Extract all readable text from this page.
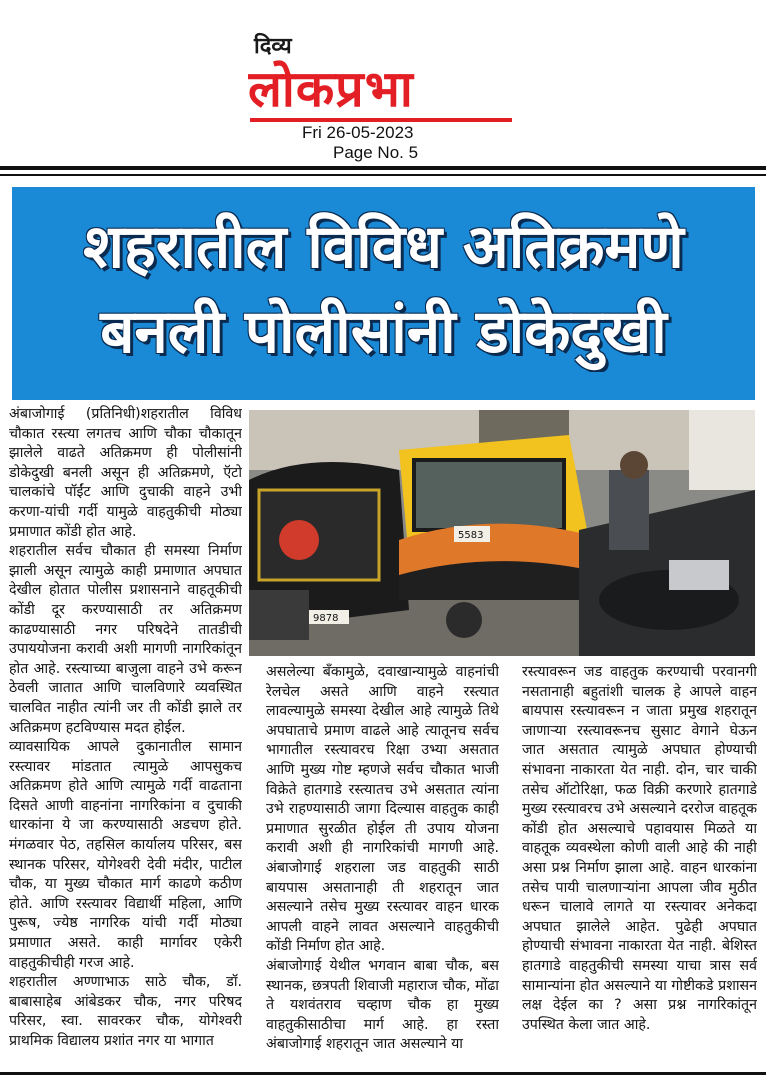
दिव्य
लोकप्रभा
Fri 26-05-2023
Page No. 5
शहरातील विविध अतिक्रमणे
बनली पोलीसांनी डोकेदुखी

अंबाजोगाई (प्रतिनिधी)शहरातील विविध चौकात रस्त्या लगतच आणि चौका चौकातून झालेले वाढते अतिक्रमण ही पोलीसांनी डोकेदुखी बनली असून ही अतिक्रमणे, ऍटो चालकांचे पॉईंट आणि दुचाकी वाहने उभी करणा-यांची गर्दी यामुळे वाहतुकीची मोठ्या प्रमाणात कोंडी होत आहे.

शहरातील सर्वच चौकात ही समस्या निर्माण झाली असून त्यामुळे काही प्रमाणात अपघात देखील होतात पोलीस प्रशासनाने वाहतूकीची कोंडी दूर करण्यासाठी तर अतिक्रमण काढण्यासाठी नगर परिषदेने तातडीची उपाययोजना करावी अशी मागणी नागरिकांतून होत आहे. रस्त्याच्या बाजुला वाहने उभे करून ठेवली जातात आणि चालविणारे व्यवस्थित चालवित नाहीत त्यांनी जर ती कोंडी झाले तर अतिक्रमण हटविण्यास मदत होईल.

व्यावसायिक आपले दुकानातील सामान रस्त्यावर मांडतात त्यामुळे आपसुकच अतिक्रमण होते आणि त्यामुळे गर्दी वाढताना दिसते आणी वाहनांना नागरिकांना व दुचाकी धारकांना ये जा करण्यासाठी अडचण होते. मंगळवार पेठ, तहसिल कार्यालय परिसर, बस स्थानक परिसर, योगेश्वरी देवी मंदीर, पाटील चौक, या मुख्य चौकात मार्ग काढणे कठीण होते. आणि रस्त्यावर विद्यार्थी महिला, आणि पुरूष, ज्येष्ठ नागरिक यांची गर्दी मोठ्या प्रमाणात असते. काही मार्गावर एकेरी वाहतुकीचीही गरज आहे.

शहरातील अण्णाभाऊ साठे चौक, डॉ. बाबासाहेब आंबेडकर चौक, नगर परिषद परिसर, स्वा. सावरकर चौक, योगेश्वरी प्राथमिक विद्यालय प्रशांत नगर या भागात

9878
5583

असलेल्या बँकामुळे, दवाखान्यामुळे वाहनांची रेलचेल असते आणि वाहने रस्त्यात लावल्यामुळे समस्या देखील आहे त्यामुळे तिथे अपघाताचे प्रमाण वाढले आहे त्यातूनच सर्वच भागातील रस्त्यावरच रिक्षा उभ्या असतात आणि मुख्य गोष्ट म्हणजे सर्वच चौकात भाजी विक्रेते हातगाडे रस्त्यातच उभे असतात त्यांना उभे राहण्यासाठी जागा दिल्यास वाहतुक काही प्रमाणात सुरळीत होईल ती उपाय योजना करावी अशी ही नागरिकांची मागणी आहे. अंबाजोगाई शहराला जड वाहतुकी साठी बायपास असतानाही ती शहरातून जात असल्याने तसेच मुख्य रस्त्यावर वाहन धारक आपली वाहने लावत असल्याने वाहतुकीची कोंडी निर्माण होत आहे.

अंबाजोगाई येथील भगवान बाबा चौक, बस स्थानक, छत्रपती शिवाजी महाराज चौक, मोंढा ते यशवंतराव चव्हाण चौक हा मुख्य वाहतुकीसाठीचा मार्ग आहे. हा रस्ता अंबाजोगाई शहरातून जात असल्याने या

रस्त्यावरून जड वाहतुक करण्याची परवानगी नसतानाही बहुतांशी चालक हे आपले वाहन बायपास रस्त्यावरून न जाता प्रमुख शहरातून जाणाऱ्या रस्त्यावरूनच सुसाट वेगाने घेऊन जात असतात त्यामुळे अपघात होण्याची संभावना नाकारता येत नाही. दोन, चार चाकी तसेच ऑटोरिक्षा, फळ विक्री करणारे हातगाडे मुख्य रस्त्यावरच उभे असल्याने दररोज वाहतूक कोंडी होत असल्याचे पहावयास मिळते या वाहतूक व्यवस्थेला कोणी वाली आहे की नाही असा प्रश्न निर्माण झाला आहे. वाहन धारकांना तसेच पायी चालणाऱ्यांना आपला जीव मुठीत धरून चालावे लागते या रस्त्यावर अनेकदा अपघात झालेले आहेत. पुढेही अपघात होण्याची संभावना नाकारता येत नाही. बेशिस्त हातगाडे वाहतुकीची समस्या याचा त्रास सर्व सामान्यांना होत असल्याने या गोष्टीकडे प्रशासन लक्ष देईल का ? असा प्रश्न नागरिकांतून उपस्थित केला जात आहे.
